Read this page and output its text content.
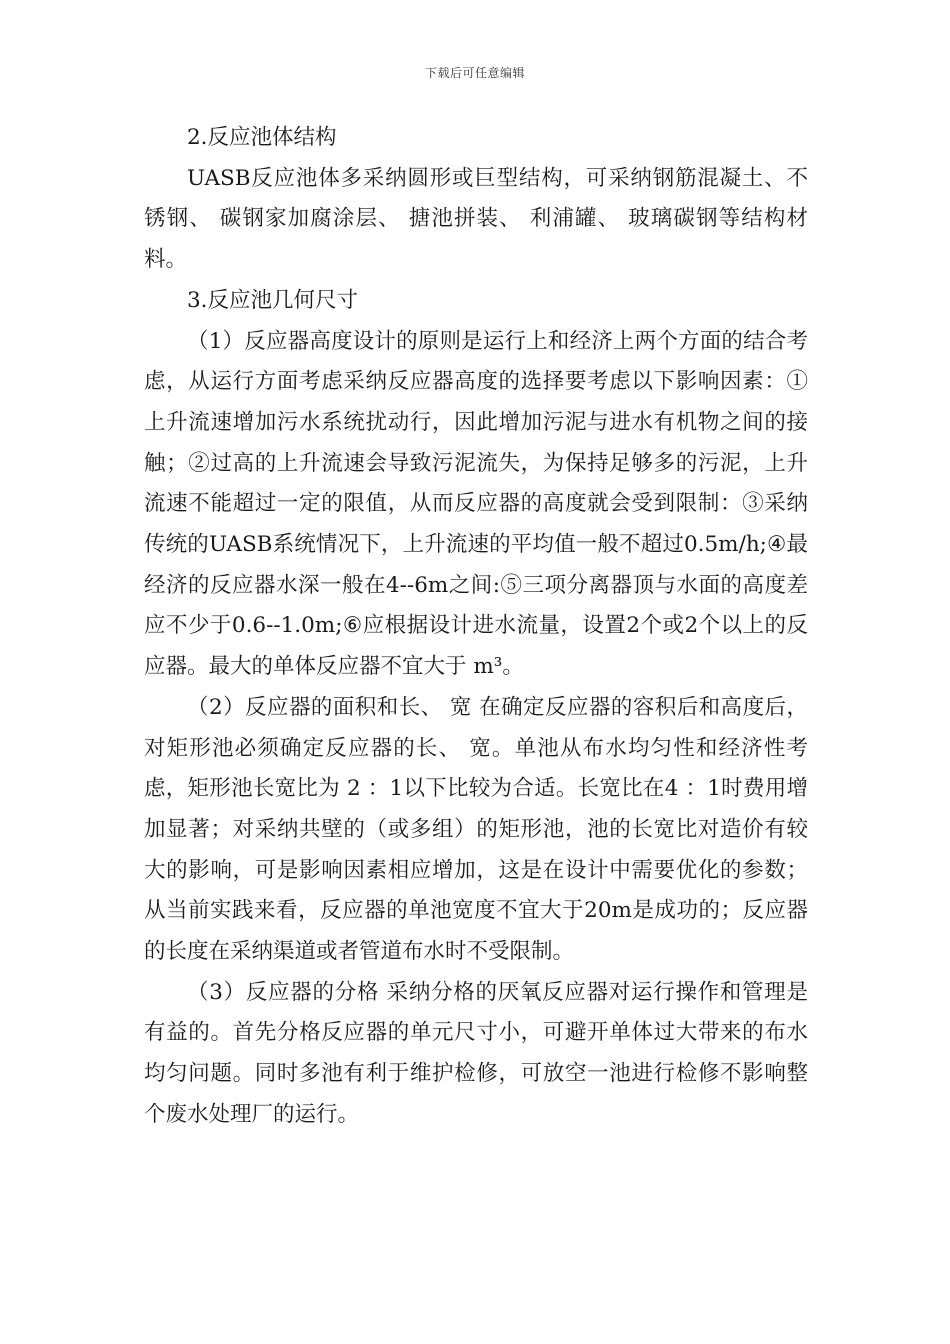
下载后可任意编辑

2.反应池体结构

UASB反应池体多采纳圆形或巨型结构，可采纳钢筋混凝土、不锈钢、 碳钢家加腐涂层、 搪池拼装、 利浦罐、 玻璃碳钢等结构材料。

3.反应池几何尺寸

（1）反应器高度设计的原则是运行上和经济上两个方面的结合考虑，从运行方面考虑采纳反应器高度的选择要考虑以下影响因素：①上升流速增加污水系统扰动行，因此增加污泥与进水有机物之间的接触；②过高的上升流速会导致污泥流失，为保持足够多的污泥，上升流速不能超过一定的限值，从而反应器的高度就会受到限制：③采纳传统的UASB系统情况下，上升流速的平均值一般不超过0.5m/h;④最经济的反应器水深一般在4--6m之间:⑤三项分离器顶与水面的高度差应不少于0.6--1.0m;⑥应根据设计进水流量，设置2个或2个以上的反应器。最大的单体反应器不宜大于 m³。

（2）反应器的面积和长、 宽 在确定反应器的容积后和高度后，对矩形池必须确定反应器的长、 宽。单池从布水均匀性和经济性考虑，矩形池长宽比为 2 ：1以下比较为合适。长宽比在4 ：1时费用增加显著；对采纳共壁的（或多组）的矩形池，池的长宽比对造价有较大的影响，可是影响因素相应增加，这是在设计中需要优化的参数；从当前实践来看，反应器的单池宽度不宜大于20m是成功的；反应器的长度在采纳渠道或者管道布水时不受限制。

（3）反应器的分格 采纳分格的厌氧反应器对运行操作和管理是有益的。首先分格反应器的单元尺寸小，可避开单体过大带来的布水均匀问题。同时多池有利于维护检修，可放空一池进行检修不影响整个废水处理厂的运行。
